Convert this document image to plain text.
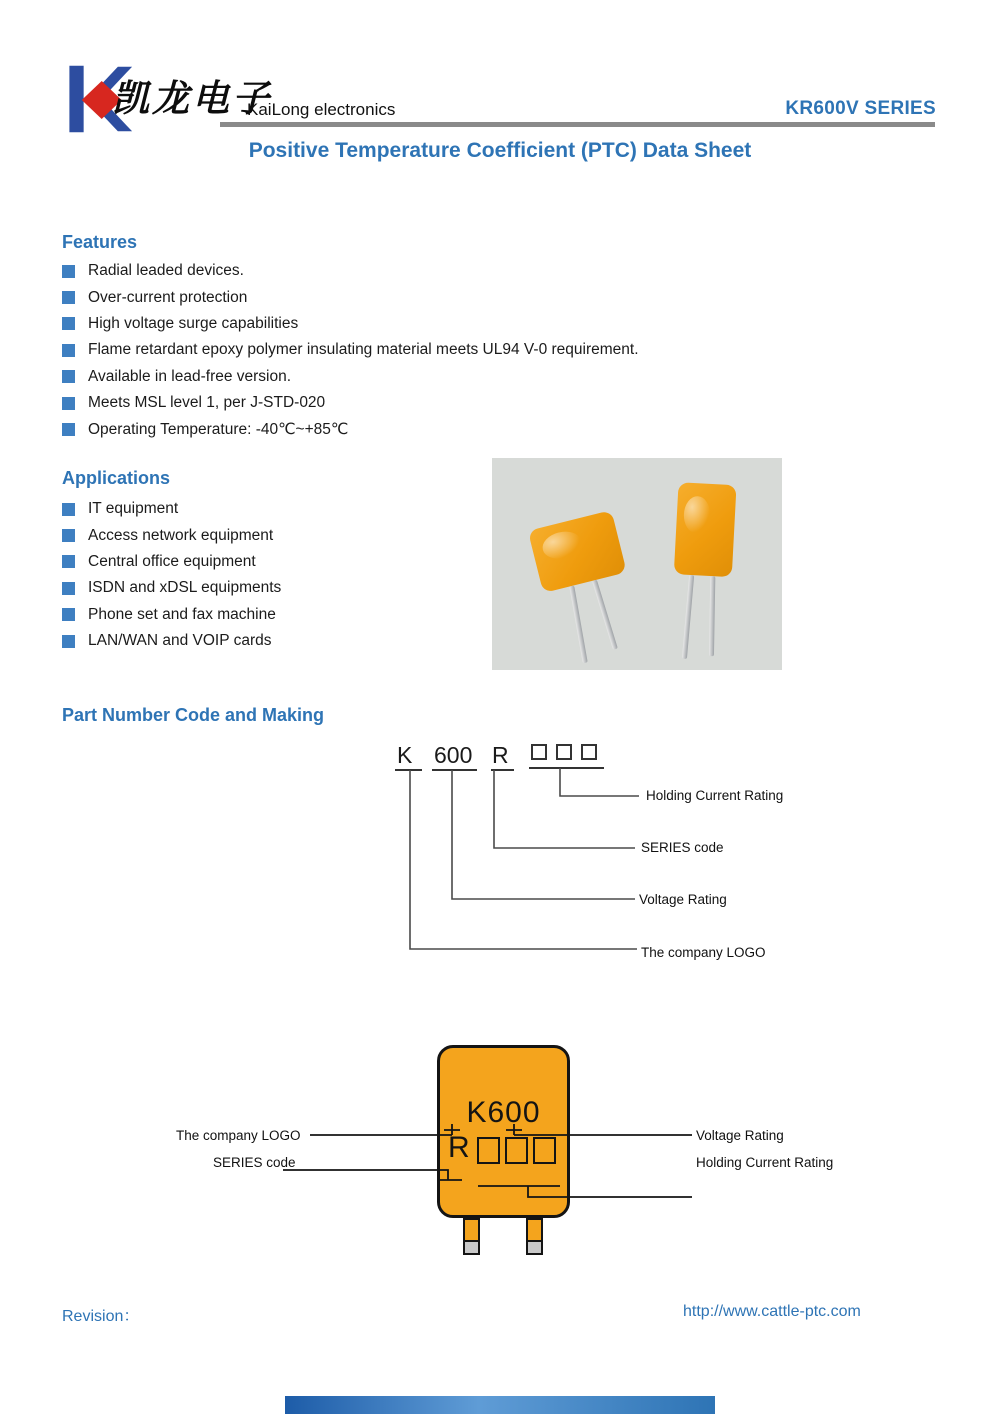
凯龙电子
KaiLong electronics	KR600V SERIES
Positive Temperature Coefficient (PTC) Data Sheet
Features
Radial leaded devices.
Over-current protection
High voltage surge capabilities
Flame retardant epoxy polymer insulating material meets UL94 V-0 requirement.
Available in lead-free version.
Meets MSL level 1, per J-STD-020
Operating Temperature: -40℃~+85℃
Applications
IT equipment
Access network equipment
Central office equipment
ISDN and xDSL equipments
Phone set and fax machine
LAN/WAN and VOIP cards
Part Number Code and Making
K 600 R
Holding Current Rating
SERIES code
Voltage Rating
The company LOGO
K600
R
The company LOGO
SERIES code
Voltage Rating
Holding Current Rating
Revision：	http://www.cattle-ptc.com
